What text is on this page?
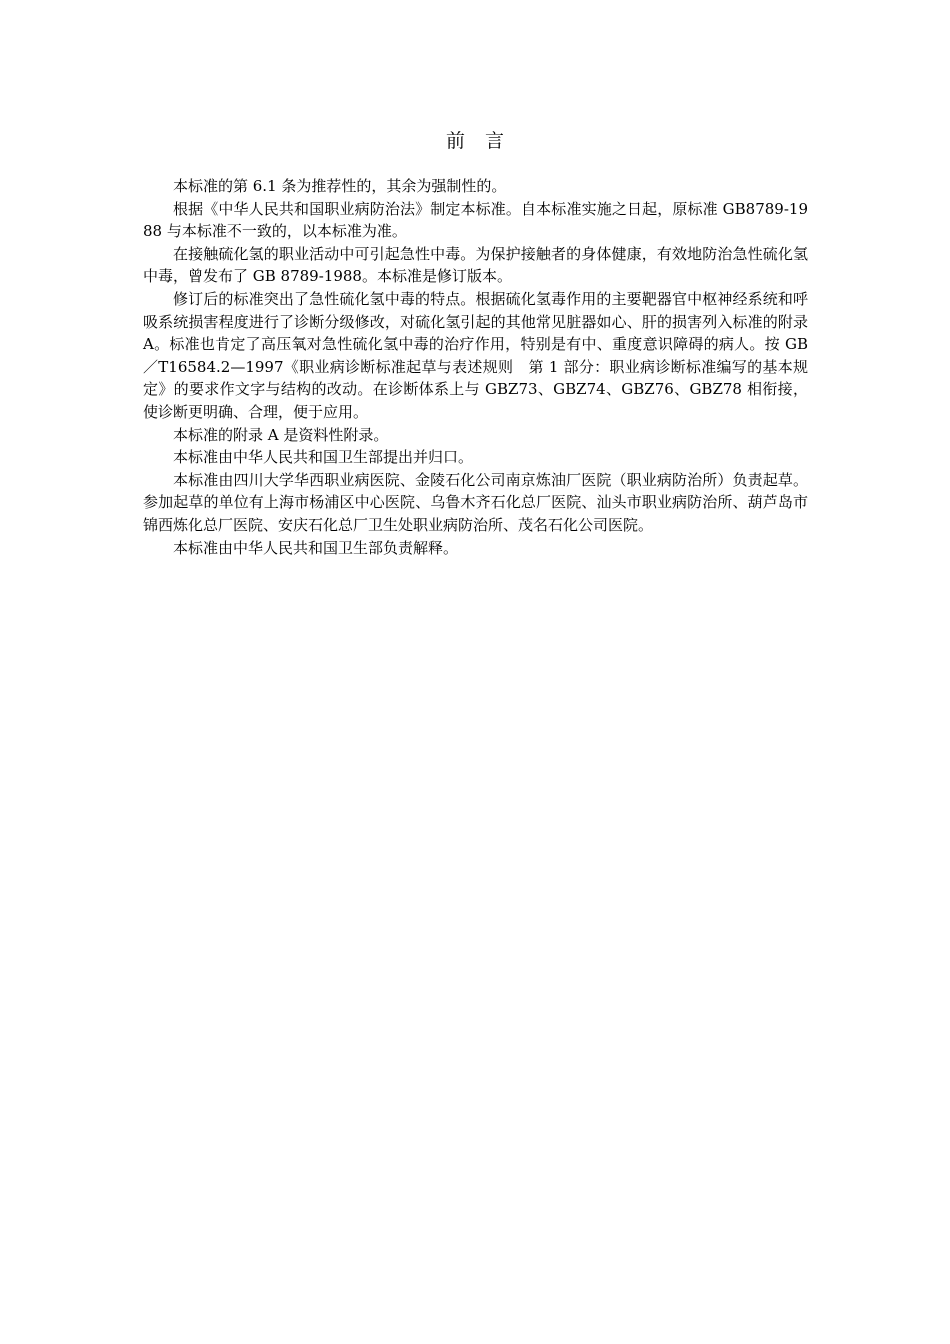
前言

本标准的第 6.1 条为推荐性的，其余为强制性的。

根据《中华人民共和国职业病防治法》制定本标准。自本标准实施之日起，原标准 GB8789-1988 与本标准不一致的，以本标准为准。

在接触硫化氢的职业活动中可引起急性中毒。为保护接触者的身体健康，有效地防治急性硫化氢中毒，曾发布了 GB 8789-1988。本标准是修订版本。

修订后的标准突出了急性硫化氢中毒的特点。根据硫化氢毒作用的主要靶器官中枢神经系统和呼吸系统损害程度进行了诊断分级修改，对硫化氢引起的其他常见脏器如心、肝的损害列入标准的附录 A。标准也肯定了高压氧对急性硫化氢中毒的治疗作用，特别是有中、重度意识障碍的病人。按 GB／T16584.2—1997《职业病诊断标准起草与表述规则　第 1 部分：职业病诊断标准编写的基本规定》的要求作文字与结构的改动。在诊断体系上与 GBZ73、GBZ74、GBZ76、GBZ78 相衔接，使诊断更明确、合理，便于应用。

本标准的附录 A 是资料性附录。

本标准由中华人民共和国卫生部提出并归口。

本标准由四川大学华西职业病医院、金陵石化公司南京炼油厂医院（职业病防治所）负责起草。参加起草的单位有上海市杨浦区中心医院、乌鲁木齐石化总厂医院、汕头市职业病防治所、葫芦岛市锦西炼化总厂医院、安庆石化总厂卫生处职业病防治所、茂名石化公司医院。

本标准由中华人民共和国卫生部负责解释。
